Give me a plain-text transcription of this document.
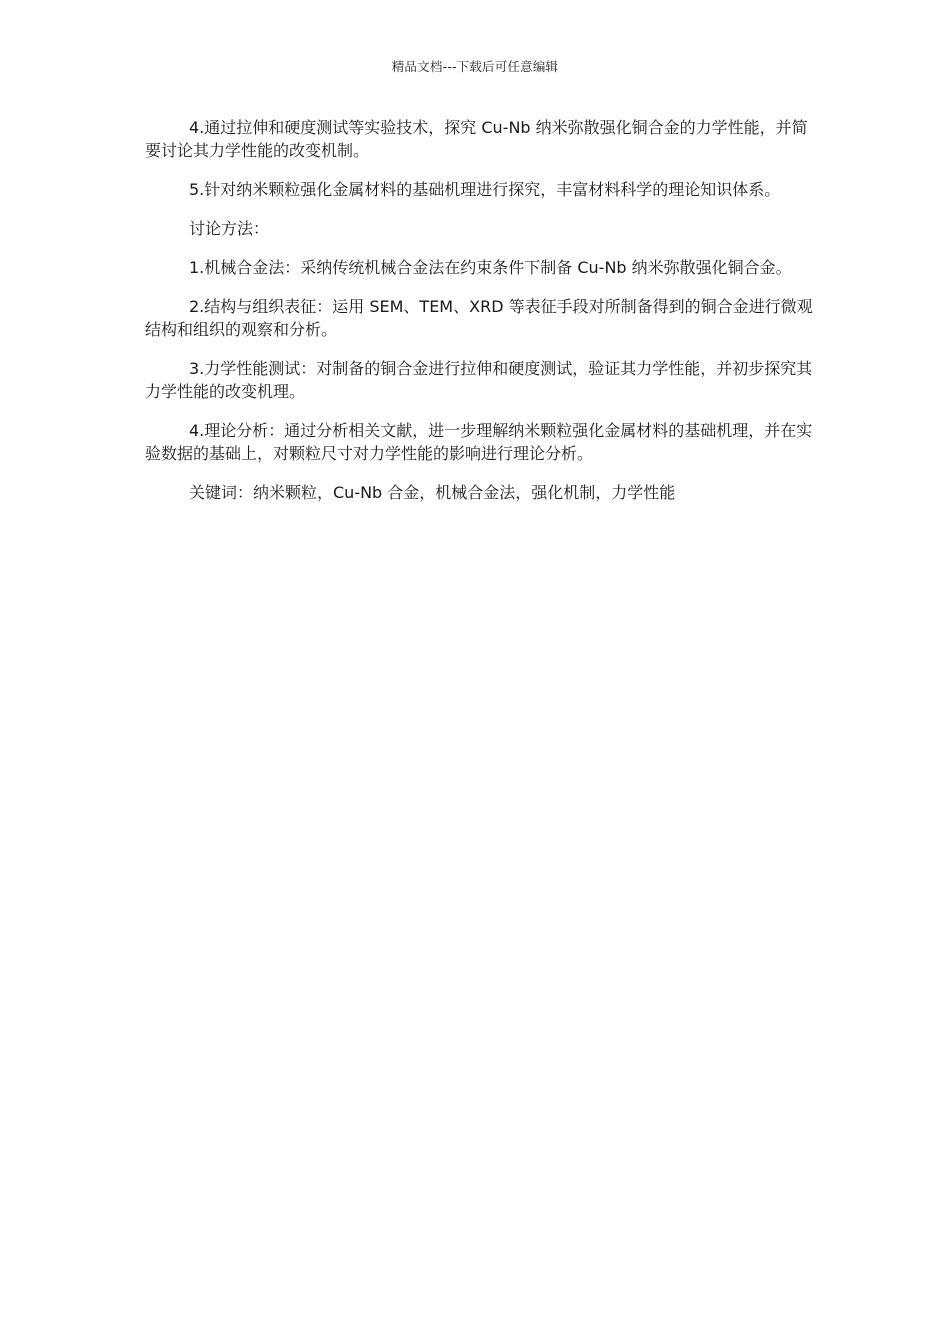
精品文档---下载后可任意编辑

4.通过拉伸和硬度测试等实验技术，探究 Cu-Nb 纳米弥散强化铜合金的力学性能，并简要讨论其力学性能的改变机制。

5.针对纳米颗粒强化金属材料的基础机理进行探究，丰富材料科学的理论知识体系。

讨论方法：

1.机械合金法：采纳传统机械合金法在约束条件下制备 Cu-Nb 纳米弥散强化铜合金。

2.结构与组织表征：运用 SEM、TEM、XRD 等表征手段对所制备得到的铜合金进行微观结构和组织的观察和分析。

3.力学性能测试：对制备的铜合金进行拉伸和硬度测试，验证其力学性能，并初步探究其力学性能的改变机理。

4.理论分析：通过分析相关文献，进一步理解纳米颗粒强化金属材料的基础机理，并在实验数据的基础上，对颗粒尺寸对力学性能的影响进行理论分析。

关键词：纳米颗粒，Cu-Nb 合金，机械合金法，强化机制，力学性能
